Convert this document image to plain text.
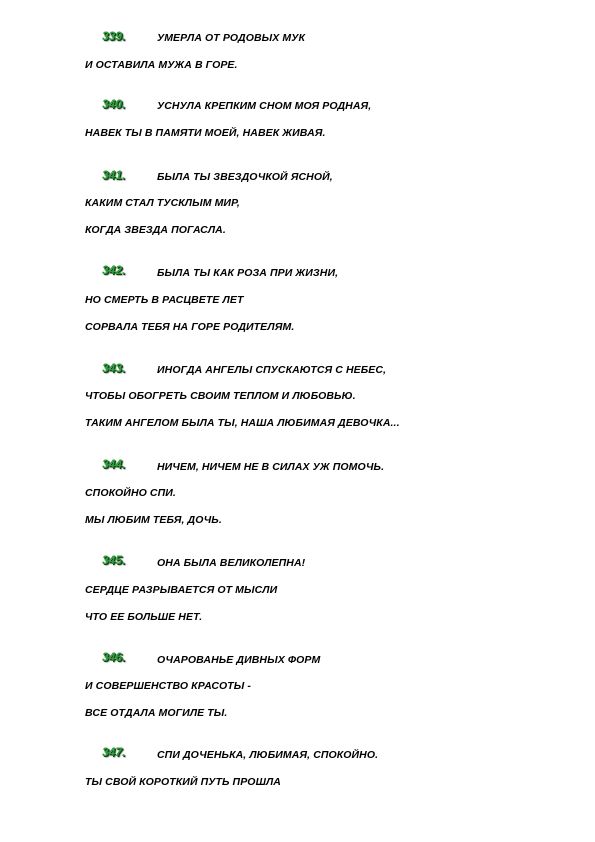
339.	УМЕРЛА ОТ РОДОВЫХ МУК
И ОСТАВИЛА МУЖА В ГОРЕ.
340.	УСНУЛА КРЕПКИМ СНОМ МОЯ РОДНАЯ,
НАВЕК ТЫ В ПАМЯТИ МОЕЙ, НАВЕК ЖИВАЯ.
341.	БЫЛА ТЫ ЗВЕЗДОЧКОЙ ЯСНОЙ,
КАКИМ СТАЛ ТУСКЛЫМ МИР,
КОГДА ЗВЕЗДА ПОГАСЛА.
342.	БЫЛА ТЫ КАК РОЗА ПРИ ЖИЗНИ,
НО СМЕРТЬ В РАСЦВЕТЕ ЛЕТ
СОРВАЛА ТЕБЯ НА ГОРЕ РОДИТЕЛЯМ.
343.	ИНОГДА АНГЕЛЫ СПУСКАЮТСЯ С НЕБЕС,
ЧТОБЫ ОБОГРЕТЬ СВОИМ ТЕПЛОМ И ЛЮБОВЬЮ.
ТАКИМ АНГЕЛОМ БЫЛА ТЫ, НАША ЛЮБИМАЯ ДЕВОЧКА...
344.	НИЧЕМ, НИЧЕМ НЕ В СИЛАХ УЖ ПОМОЧЬ.
СПОКОЙНО СПИ.
МЫ ЛЮБИМ ТЕБЯ, ДОЧЬ.
345.	ОНА БЫЛА ВЕЛИКОЛЕПНА!
СЕРДЦЕ РАЗРЫВАЕТСЯ ОТ МЫСЛИ
ЧТО ЕЕ БОЛЬШЕ НЕТ.
346.	ОЧАРОВАНЬЕ ДИВНЫХ ФОРМ
И СОВЕРШЕНСТВО КРАСОТЫ -
ВСЕ ОТДАЛА МОГИЛЕ ТЫ.
347.	СПИ ДОЧЕНЬКА, ЛЮБИМАЯ, СПОКОЙНО.
ТЫ СВОЙ КОРОТКИЙ ПУТЬ ПРОШЛА
